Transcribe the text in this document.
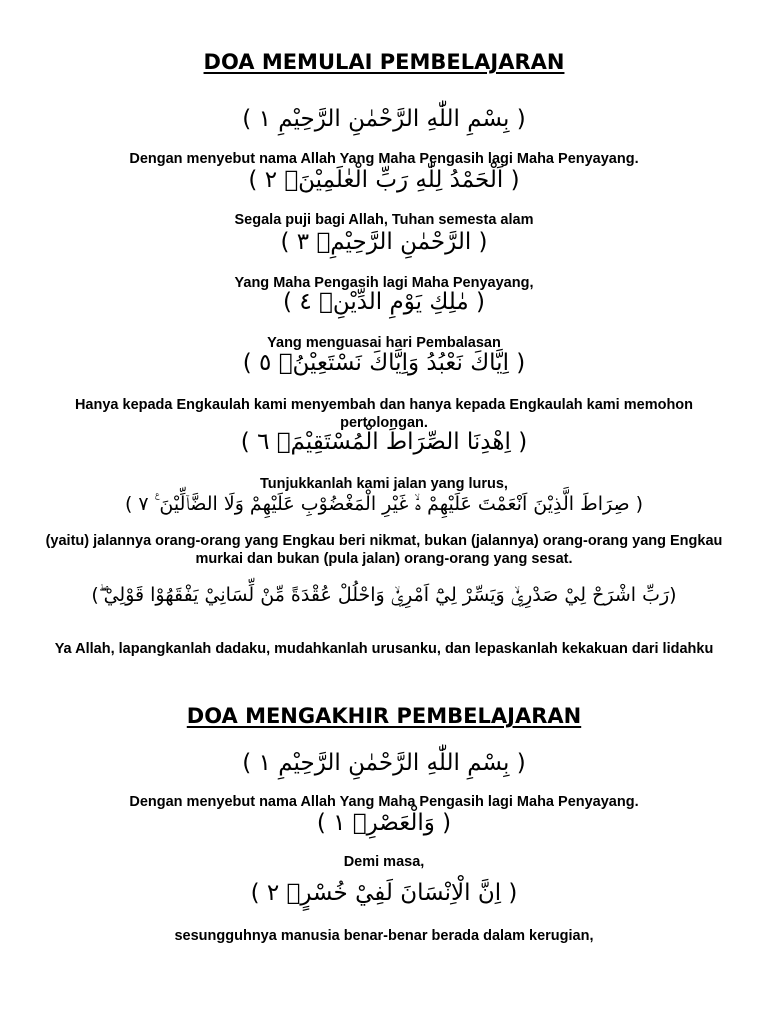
DOA MEMULAI PEMBELAJARAN
( بِسْمِ اللّٰهِ الرَّحْمٰنِ الرَّحِيْمِ ١ )
Dengan menyebut nama Allah Yang Maha Pengasih lagi Maha Penyayang.
( اَلْحَمْدُ لِلّٰهِ رَبِّ الْعٰلَمِيْنَۙ ٢ )
Segala puji bagi Allah, Tuhan semesta alam
( الرَّحْمٰنِ الرَّحِيْمِۙ ٣ )
Yang Maha Pengasih lagi Maha Penyayang,
( مٰلِكِ يَوْمِ الدِّيْنِۗ ٤ )
Yang menguasai hari Pembalasan
( اِيَّاكَ نَعْبُدُ وَاِيَّاكَ نَسْتَعِيْنُۗ ٥ )
Hanya kepada Engkaulah kami menyembah dan hanya kepada Engkaulah kami memohon pertolongan.
( اِهْدِنَا الصِّرَاطَ الْمُسْتَقِيْمَۙ ٦ )
Tunjukkanlah kami jalan yang lurus,
( صِرَاطَ الَّذِيْنَ اَنْعَمْتَ عَلَيْهِمْ ەۙ غَيْرِ الْمَغْضُوْبِ عَلَيْهِمْ وَلَا الضَّاۤلِّيْنَ ࣖ ٧ )
(yaitu) jalannya orang-orang yang Engkau beri nikmat, bukan (jalannya) orang-orang yang Engkau murkai dan bukan (pula jalan) orang-orang yang sesat.
(رَبِّ اشْرَحْ لِيْ صَدْرِيْۙ وَيَسِّرْ لِيْٓ اَمْرِيْۙ وَاحْلُلْ عُقْدَةً مِّنْ لِّسَانِيْ يَفْقَهُوْا قَوْلِيْ ۖ)
Ya Allah, lapangkanlah dadaku, mudahkanlah urusanku, dan lepaskanlah kekakuan dari lidahku
DOA MENGAKHIR PEMBELAJARAN
( بِسْمِ اللّٰهِ الرَّحْمٰنِ الرَّحِيْمِ ١ )
Dengan menyebut nama Allah Yang Maha Pengasih lagi Maha Penyayang.
( وَالْعَصْرِۙ ١ )
Demi masa,
( اِنَّ الْاِنْسَانَ لَفِيْ خُسْرٍۙ ٢ )
sesungguhnya manusia benar-benar berada dalam kerugian,
